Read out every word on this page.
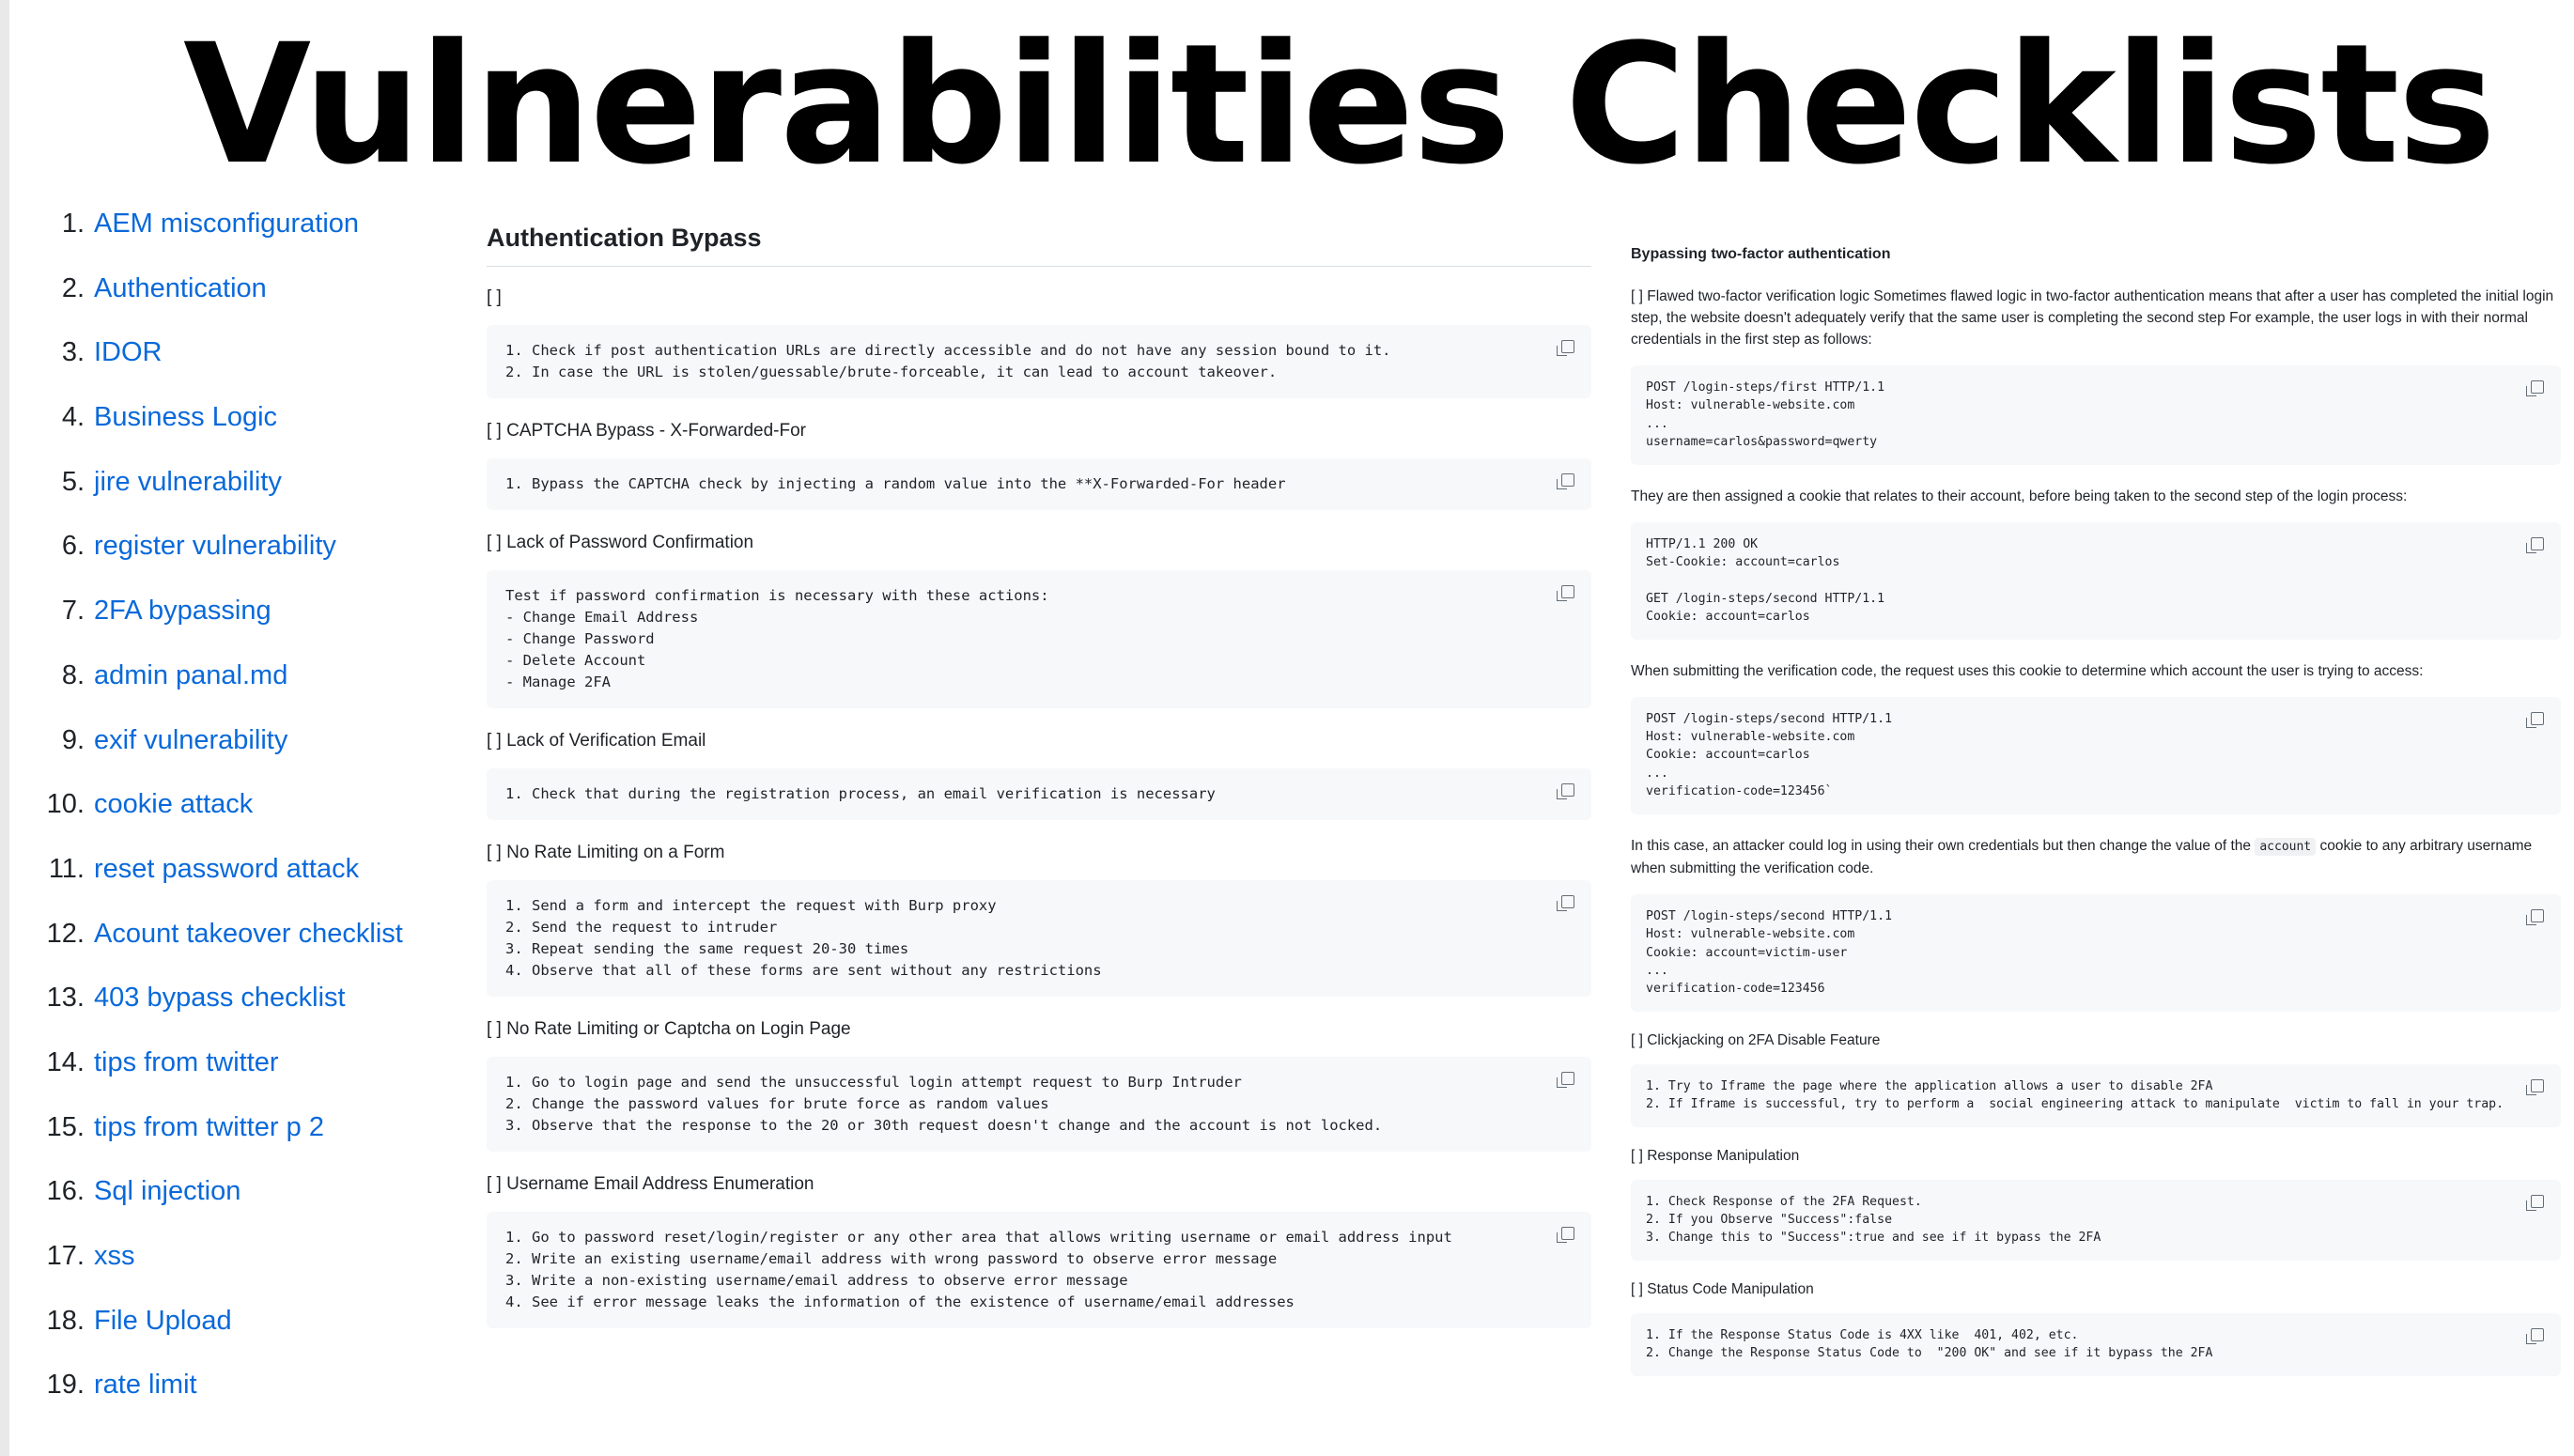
Vulnerabilities Checklists
1. AEM misconfiguration
2. Authentication
3. IDOR
4. Business Logic
5. jire vulnerability
6. register vulnerability
7. 2FA bypassing
8. admin panal.md
9. exif vulnerability
10. cookie attack
11. reset password attack
12. Acount takeover checklist
13. 403 bypass checklist
14. tips from twitter
15. tips from twitter p 2
16. Sql injection
17. xss
18. File Upload
19. rate limit
Authentication Bypass

[ ]

1. Check if post authentication URLs are directly accessible and do not have any session bound to it.
2. In case the URL is stolen/guessable/brute-forceable, it can lead to account takeover.

[ ] CAPTCHA Bypass - X-Forwarded-For

1. Bypass the CAPTCHA check by injecting a random value into the **X-Forwarded-For header

[ ] Lack of Password Confirmation

Test if password confirmation is necessary with these actions:
- Change Email Address
- Change Password
- Delete Account
- Manage 2FA

[ ] Lack of Verification Email

1. Check that during the registration process, an email verification is necessary

[ ] No Rate Limiting on a Form

1. Send a form and intercept the request with Burp proxy
2. Send the request to intruder
3. Repeat sending the same request 20-30 times
4. Observe that all of these forms are sent without any restrictions

[ ] No Rate Limiting or Captcha on Login Page

1. Go to login page and send the unsuccessful login attempt request to Burp Intruder
2. Change the password values for brute force as random values
3. Observe that the response to the 20 or 30th request doesn't change and the account is not locked.

[ ] Username Email Address Enumeration

1. Go to password reset/login/register or any other area that allows writing username or email address input
2. Write an existing username/email address with wrong password to observe error message
3. Write a non-existing username/email address to observe error message
4. See if error message leaks the information of the existence of username/email addresses
Bypassing two-factor authentication

[ ] Flawed two-factor verification logic Sometimes flawed logic in two-factor authentication means that after a user has completed the initial login step, the website doesn't adequately verify that the same user is completing the second step For example, the user logs in with their normal credentials in the first step as follows:

POST /login-steps/first HTTP/1.1
Host: vulnerable-website.com
...
username=carlos&password=qwerty

They are then assigned a cookie that relates to their account, before being taken to the second step of the login process:

HTTP/1.1 200 OK
Set-Cookie: account=carlos

GET /login-steps/second HTTP/1.1
Cookie: account=carlos

When submitting the verification code, the request uses this cookie to determine which account the user is trying to access:

POST /login-steps/second HTTP/1.1
Host: vulnerable-website.com
Cookie: account=carlos
...
verification-code=123456`

In this case, an attacker could log in using their own credentials but then change the value of the account cookie to any arbitrary username when submitting the verification code.

POST /login-steps/second HTTP/1.1
Host: vulnerable-website.com
Cookie: account=victim-user
...
verification-code=123456

[ ] Clickjacking on 2FA Disable Feature

1. Try to Iframe the page where the application allows a user to disable 2FA
2. If Iframe is successful, try to perform a  social engineering attack to manipulate  victim to fall in your trap.

[ ] Response Manipulation

1. Check Response of the 2FA Request.
2. If you Observe "Success":false
3. Change this to "Success":true and see if it bypass the 2FA

[ ] Status Code Manipulation

1. If the Response Status Code is 4XX like  401, 402, etc.
2. Change the Response Status Code to  "200 OK" and see if it bypass the 2FA
